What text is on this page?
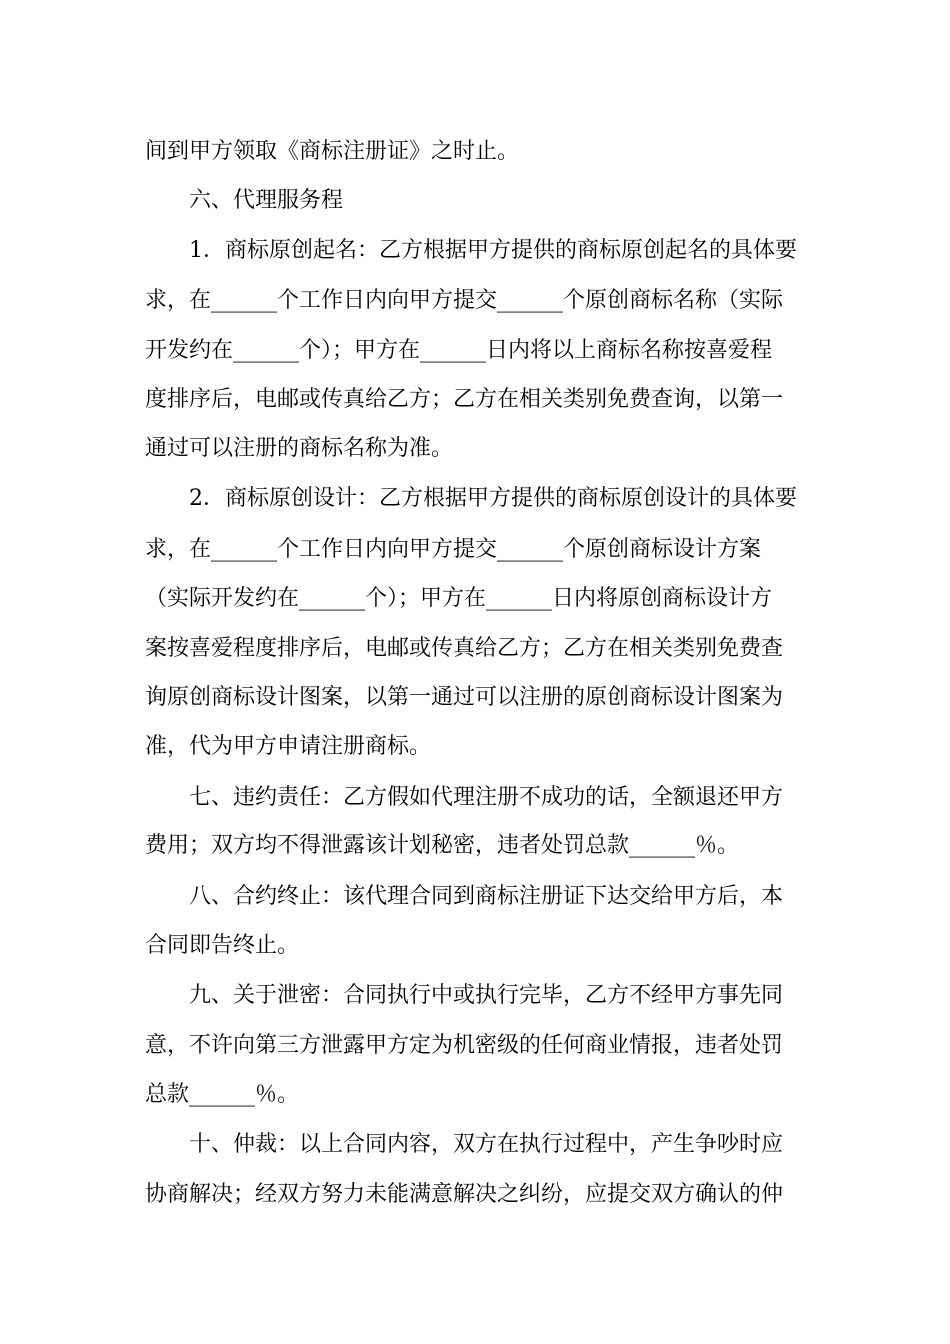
间到甲方领取《商标注册证》之时止。
六、代理服务程
1．商标原创起名：乙方根据甲方提供的商标原创起名的具体要
求，在______个工作日内向甲方提交______个原创商标名称（实际
开发约在______个）；甲方在______日内将以上商标名称按喜爱程
度排序后，电邮或传真给乙方；乙方在相关类别免费查询，以第一
通过可以注册的商标名称为准。
2．商标原创设计：乙方根据甲方提供的商标原创设计的具体要
求，在______个工作日内向甲方提交______个原创商标设计方案
（实际开发约在______个）；甲方在______日内将原创商标设计方
案按喜爱程度排序后，电邮或传真给乙方；乙方在相关类别免费查
询原创商标设计图案，以第一通过可以注册的原创商标设计图案为
准，代为甲方申请注册商标。
七、违约责任：乙方假如代理注册不成功的话，全额退还甲方
费用；双方均不得泄露该计划秘密，违者处罚总款______％。
八、合约终止：该代理合同到商标注册证下达交给甲方后，本
合同即告终止。
九、关于泄密：合同执行中或执行完毕，乙方不经甲方事先同
意，不许向第三方泄露甲方定为机密级的任何商业情报，违者处罚
总款______％。
十、仲裁：以上合同内容，双方在执行过程中，产生争吵时应
协商解决；经双方努力未能满意解决之纠纷，应提交双方确认的仲
